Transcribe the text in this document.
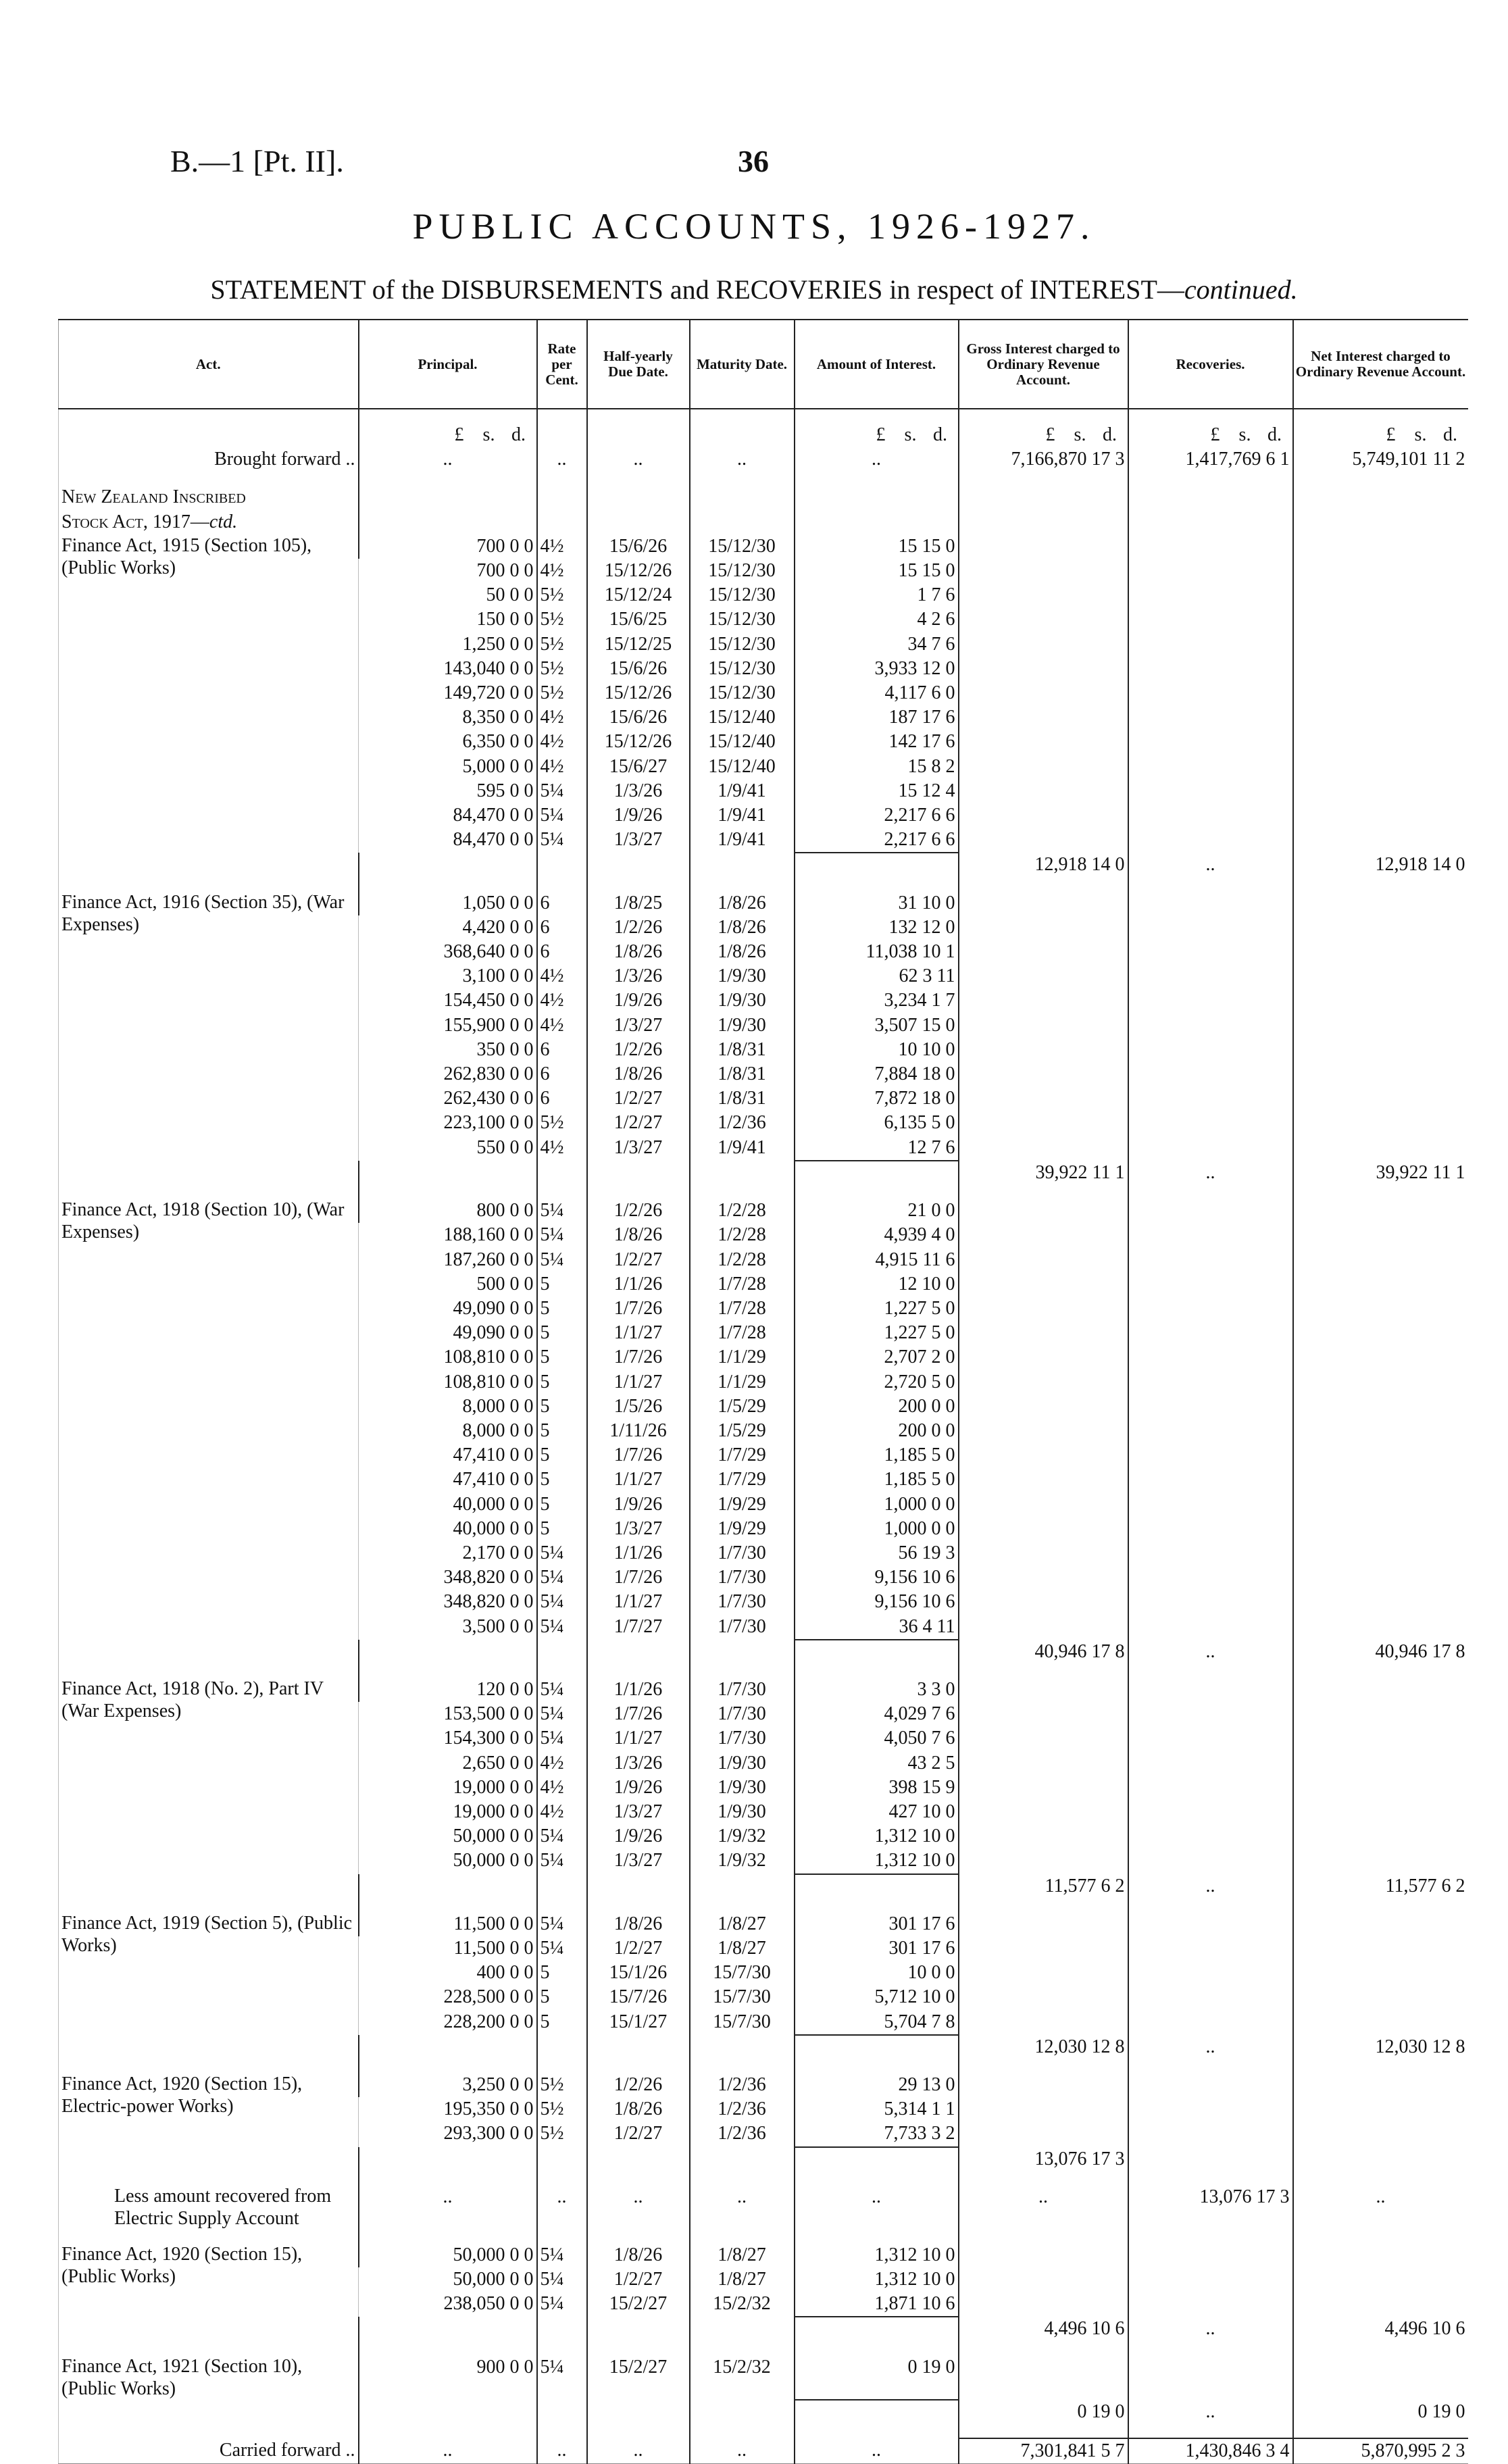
B.—1 [Pt. II].	36
PUBLIC ACCOUNTS, 1926-1927.
STATEMENT of the DISBURSEMENTS and RECOVERIES in respect of INTEREST—continued.
Act.	Principal.	Rate per Cent.	Half-yearly Due Date.	Maturity Date.	Amount of Interest.	Gross Interest charged to Ordinary Revenue Account.	Recoveries.	Net Interest charged to Ordinary Revenue Account.

	£ s. d.				£ s. d.	£ s. d.	£ s. d.	£ s. d.
Brought forward ..	..	..	..	..	..	7,166,870 17 3	1,417,769 6 1	5,749,101 11 2

New Zealand Inscribed								
Stock Act, 1917—ctd.								
Finance Act, 1915 (Section 105), (Public Works)	700 0 0	4½	15/6/26	15/12/30	15 15 0			
	700 0 0	4½	15/12/26	15/12/30	15 15 0			
	50 0 0	5½	15/12/24	15/12/30	1 7 6			
	150 0 0	5½	15/6/25	15/12/30	4 2 6			
	1,250 0 0	5½	15/12/25	15/12/30	34 7 6			
	143,040 0 0	5½	15/6/26	15/12/30	3,933 12 0			
	149,720 0 0	5½	15/12/26	15/12/30	4,117 6 0			
	8,350 0 0	4½	15/6/26	15/12/40	187 17 6			
	6,350 0 0	4½	15/12/26	15/12/40	142 17 6			
	5,000 0 0	4½	15/6/27	15/12/40	15 8 2			
	595 0 0	5¼	1/3/26	1/9/41	15 12 4			
	84,470 0 0	5¼	1/9/26	1/9/41	2,217 6 6			
	84,470 0 0	5¼	1/3/27	1/9/41	2,217 6 6			
						12,918 14 0	..	12,918 14 0

Finance Act, 1916 (Section 35), (War Expenses)	1,050 0 0	6	1/8/25	1/8/26	31 10 0			
	4,420 0 0	6	1/2/26	1/8/26	132 12 0			
	368,640 0 0	6	1/8/26	1/8/26	11,038 10 1			
	3,100 0 0	4½	1/3/26	1/9/30	62 3 11			
	154,450 0 0	4½	1/9/26	1/9/30	3,234 1 7			
	155,900 0 0	4½	1/3/27	1/9/30	3,507 15 0			
	350 0 0	6	1/2/26	1/8/31	10 10 0			
	262,830 0 0	6	1/8/26	1/8/31	7,884 18 0			
	262,430 0 0	6	1/2/27	1/8/31	7,872 18 0			
	223,100 0 0	5½	1/2/27	1/2/36	6,135 5 0			
	550 0 0	4½	1/3/27	1/9/41	12 7 6			
						39,922 11 1	..	39,922 11 1

Finance Act, 1918 (Section 10), (War Expenses)	800 0 0	5¼	1/2/26	1/2/28	21 0 0			
	188,160 0 0	5¼	1/8/26	1/2/28	4,939 4 0			
	187,260 0 0	5¼	1/2/27	1/2/28	4,915 11 6			
	500 0 0	5	1/1/26	1/7/28	12 10 0			
	49,090 0 0	5	1/7/26	1/7/28	1,227 5 0			
	49,090 0 0	5	1/1/27	1/7/28	1,227 5 0			
	108,810 0 0	5	1/7/26	1/1/29	2,707 2 0			
	108,810 0 0	5	1/1/27	1/1/29	2,720 5 0			
	8,000 0 0	5	1/5/26	1/5/29	200 0 0			
	8,000 0 0	5	1/11/26	1/5/29	200 0 0			
	47,410 0 0	5	1/7/26	1/7/29	1,185 5 0			
	47,410 0 0	5	1/1/27	1/7/29	1,185 5 0			
	40,000 0 0	5	1/9/26	1/9/29	1,000 0 0			
	40,000 0 0	5	1/3/27	1/9/29	1,000 0 0			
	2,170 0 0	5¼	1/1/26	1/7/30	56 19 3			
	348,820 0 0	5¼	1/7/26	1/7/30	9,156 10 6			
	348,820 0 0	5¼	1/1/27	1/7/30	9,156 10 6			
	3,500 0 0	5¼	1/7/27	1/7/30	36 4 11			
						40,946 17 8	..	40,946 17 8

Finance Act, 1918 (No. 2), Part IV (War Expenses)	120 0 0	5¼	1/1/26	1/7/30	3 3 0			
	153,500 0 0	5¼	1/7/26	1/7/30	4,029 7 6			
	154,300 0 0	5¼	1/1/27	1/7/30	4,050 7 6			
	2,650 0 0	4½	1/3/26	1/9/30	43 2 5			
	19,000 0 0	4½	1/9/26	1/9/30	398 15 9			
	19,000 0 0	4½	1/3/27	1/9/30	427 10 0			
	50,000 0 0	5¼	1/9/26	1/9/32	1,312 10 0			
	50,000 0 0	5¼	1/3/27	1/9/32	1,312 10 0			
						11,577 6 2	..	11,577 6 2

Finance Act, 1919 (Section 5), (Public Works)	11,500 0 0	5¼	1/8/26	1/8/27	301 17 6			
	11,500 0 0	5¼	1/2/27	1/8/27	301 17 6			
	400 0 0	5	15/1/26	15/7/30	10 0 0			
	228,500 0 0	5	15/7/26	15/7/30	5,712 10 0			
	228,200 0 0	5	15/1/27	15/7/30	5,704 7 8			
						12,030 12 8	..	12,030 12 8

Finance Act, 1920 (Section 15), Electric-power Works)	3,250 0 0	5½	1/2/26	1/2/36	29 13 0			
	195,350 0 0	5½	1/8/26	1/2/36	5,314 1 1			
	293,300 0 0	5½	1/2/27	1/2/36	7,733 3 2			
						13,076 17 3		

Less amount recovered from Electric Supply Account	..	..	..	..	..	..	13,076 17 3	..

Finance Act, 1920 (Section 15), (Public Works)	50,000 0 0	5¼	1/8/26	1/8/27	1,312 10 0			
	50,000 0 0	5¼	1/2/27	1/8/27	1,312 10 0			
	238,050 0 0	5¼	15/2/27	15/2/32	1,871 10 6			
						4,496 10 6	..	4,496 10 6

Finance Act, 1921 (Section 10), (Public Works)	900 0 0	5¼	15/2/27	15/2/32	0 19 0			
						0 19 0	..	0 19 0

Carried forward ..	..	..	..	..	..	7,301,841 5 7	1,430,846 3 4	5,870,995 2 3
